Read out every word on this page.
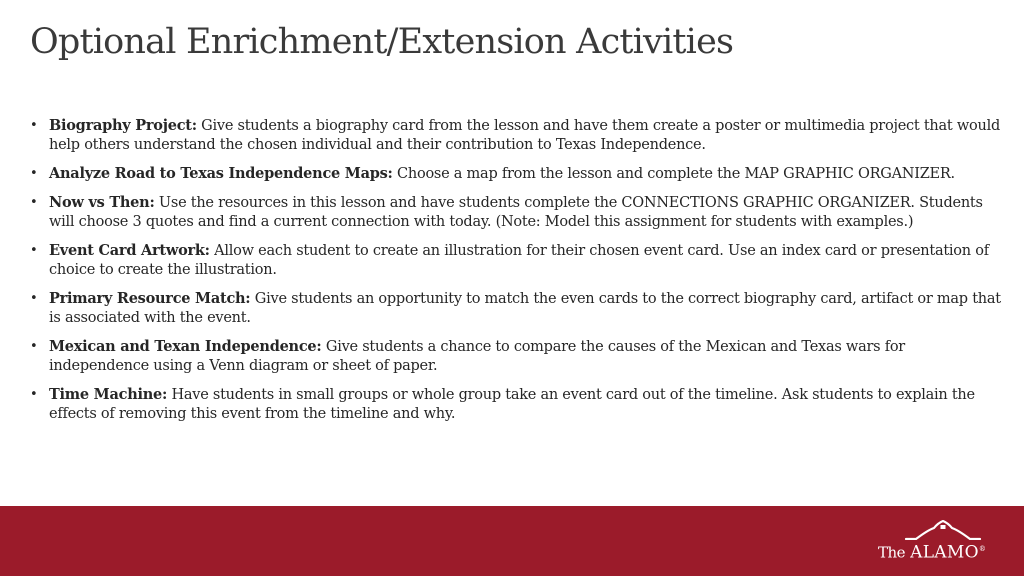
Optional Enrichment/Extension Activities
• Biography Project: Give students a biography card from the lesson and have them create a poster or multimedia project that would help others understand the chosen individual and their contribution to Texas Independence.
• Analyze Road to Texas Independence Maps: Choose a map from the lesson and complete the MAP GRAPHIC ORGANIZER.
• Now vs Then: Use the resources in this lesson and have students complete the CONNECTIONS GRAPHIC ORGANIZER. Students will choose 3 quotes and find a current connection with today. (Note: Model this assignment for students with examples.)
• Event Card Artwork: Allow each student to create an illustration for their chosen event card. Use an index card or presentation of choice to create the illustration.
• Primary Resource Match: Give students an opportunity to match the even cards to the correct biography card, artifact or map that is associated with the event.
• Mexican and Texan Independence: Give students a chance to compare the causes of the Mexican and Texas wars for independence using a Venn diagram or sheet of paper.
• Time Machine: Have students in small groups or whole group take an event card out of the timeline. Ask students to explain the effects of removing this event from the timeline and why.
The ALAMO®
